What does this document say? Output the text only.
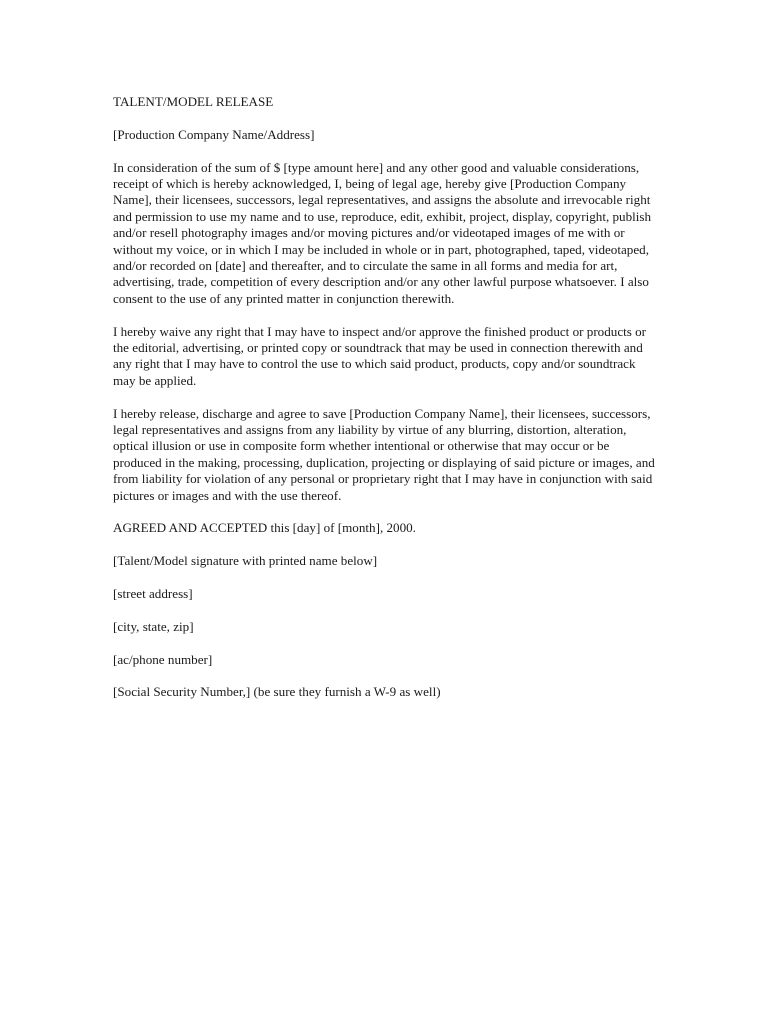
TALENT/MODEL RELEASE

[Production Company Name/Address]

In consideration of the sum of $ [type amount here] and any other good and valuable considerations, receipt of which is hereby acknowledged, I, being of legal age, hereby give [Production Company Name], their licensees, successors, legal representatives, and assigns the absolute and irrevocable right and permission to use my name and to use, reproduce, edit, exhibit, project, display, copyright, publish and/or resell photography images and/or moving pictures and/or videotaped images of me with or without my voice, or in which I may be included in whole or in part, photographed, taped, videotaped, and/or recorded on [date] and thereafter, and to circulate the same in all forms and media for art, advertising, trade, competition of every description and/or any other lawful purpose whatsoever. I also consent to the use of any printed matter in conjunction therewith.

I hereby waive any right that I may have to inspect and/or approve the finished product or products or the editorial, advertising, or printed copy or soundtrack that may be used in connection therewith and any right that I may have to control the use to which said product, products, copy and/or soundtrack may be applied.

I hereby release, discharge and agree to save [Production Company Name], their licensees, successors, legal representatives and assigns from any liability by virtue of any blurring, distortion, alteration, optical illusion or use in composite form whether intentional or otherwise that may occur or be produced in the making, processing, duplication, projecting or displaying of said picture or images, and from liability for violation of any personal or proprietary right that I may have in conjunction with said pictures or images and with the use thereof.

AGREED AND ACCEPTED this [day] of [month], 2000.

[Talent/Model signature with printed name below]

[street address]

[city, state, zip]

[ac/phone number]

[Social Security Number,] (be sure they furnish a W-9 as well)
